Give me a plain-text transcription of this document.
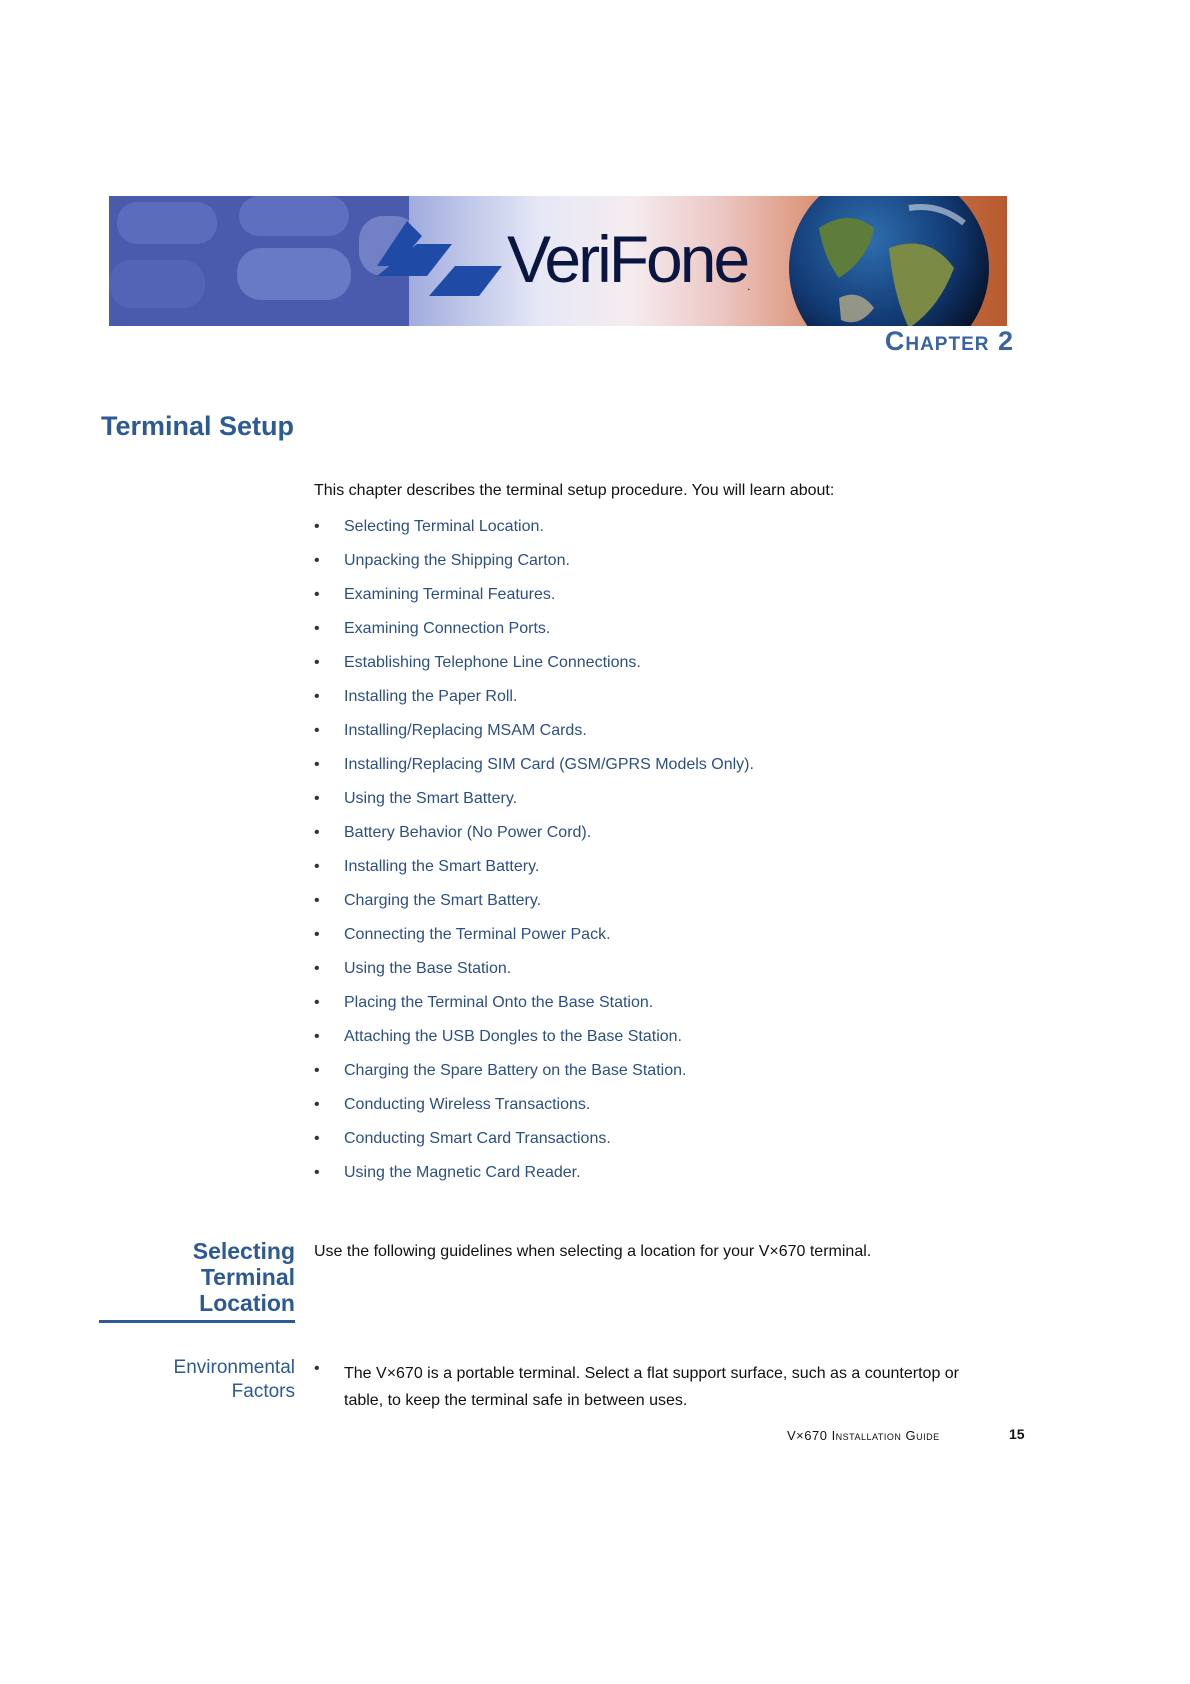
VeriFone.
Chapter 2
Terminal Setup
This chapter describes the terminal setup procedure. You will learn about:
• Selecting Terminal Location.
• Unpacking the Shipping Carton.
• Examining Terminal Features.
• Examining Connection Ports.
• Establishing Telephone Line Connections.
• Installing the Paper Roll.
• Installing/Replacing MSAM Cards.
• Installing/Replacing SIM Card (GSM/GPRS Models Only).
• Using the Smart Battery.
• Battery Behavior (No Power Cord).
• Installing the Smart Battery.
• Charging the Smart Battery.
• Connecting the Terminal Power Pack.
• Using the Base Station.
• Placing the Terminal Onto the Base Station.
• Attaching the USB Dongles to the Base Station.
• Charging the Spare Battery on the Base Station.
• Conducting Wireless Transactions.
• Conducting Smart Card Transactions.
• Using the Magnetic Card Reader.
Selecting
Terminal
Location
Use the following guidelines when selecting a location for your V×670 terminal.
Environmental
Factors
• The V×670 is a portable terminal. Select a flat support surface, such as a countertop or table, to keep the terminal safe in between uses.
V×670 Installation Guide	15
